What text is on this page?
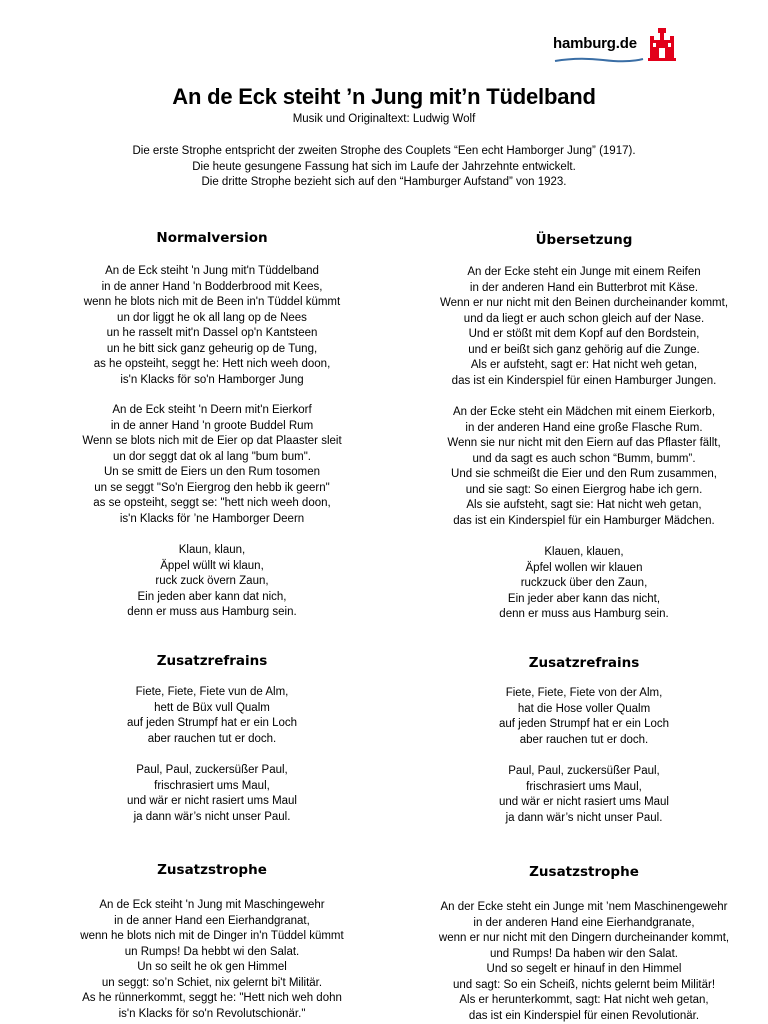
hamburg.de
An de Eck steiht ’n Jung mit’n Tüdelband
Musik und Originaltext: Ludwig Wolf
Die erste Strophe entspricht der zweiten Strophe des Couplets “Een echt Hamborger Jung” (1917).
Die heute gesungene Fassung hat sich im Laufe der Jahrzehnte entwickelt.
Die dritte Strophe bezieht sich auf den “Hamburger Aufstand” von 1923.
Normalversion
An de Eck steiht 'n Jung mit'n Tüddelband
in de anner Hand 'n Bodderbrood mit Kees,
wenn he blots nich mit de Been in'n Tüddel kümmt
un dor liggt he ok all lang op de Nees
un he rasselt mit'n Dassel op'n Kantsteen
un he bitt sick ganz geheurig op de Tung,
as he opsteiht, seggt he: Hett nich weeh doon,
is'n Klacks för so'n Hamborger Jung
An de Eck steiht 'n Deern mit'n Eierkorf
in de anner Hand 'n groote Buddel Rum
Wenn se blots nich mit de Eier op dat Plaaster sleit
un dor seggt dat ok al lang "bum bum".
Un se smitt de Eiers un den Rum tosomen
un se seggt "So'n Eiergrog den hebb ik geern"
as se opsteiht, seggt se: "hett nich weeh doon,
is'n Klacks för ’ne Hamborger Deern
Klaun, klaun,
Äppel wüllt wi klaun,
ruck zuck övern Zaun,
Ein jeden aber kann dat nich,
denn er muss aus Hamburg sein.
Zusatzrefrains
Fiete, Fiete, Fiete vun de Alm,
hett de Büx vull Qualm
auf jeden Strumpf hat er ein Loch
aber rauchen tut er doch.
Paul, Paul, zuckersüßer Paul,
frischrasiert ums Maul,
und wär er nicht rasiert ums Maul
ja dann wär’s nicht unser Paul.
Zusatzstrophe
An de Eck steiht 'n Jung mit Maschingewehr
in de anner Hand een Eierhandgranat,
wenn he blots nich mit de Dinger in'n Tüddel kümmt
un Rumps! Da hebbt wi den Salat.
Un so seilt he ok gen Himmel
un seggt: so’n Schiet, nix gelernt bi't Militär.
As he rünnerkommt, seggt he: "Hett nich weh dohn
is'n Klacks för so'n Revolutschionär."
Übersetzung
An der Ecke steht ein Junge mit einem Reifen
in der anderen Hand ein Butterbrot mit Käse.
Wenn er nur nicht mit den Beinen durcheinander kommt,
und da liegt er auch schon gleich auf der Nase.
Und er stößt mit dem Kopf auf den Bordstein,
und er beißt sich ganz gehörig auf die Zunge.
Als er aufsteht, sagt er: Hat nicht weh getan,
das ist ein Kinderspiel für einen Hamburger Jungen.
An der Ecke steht ein Mädchen mit einem Eierkorb,
in der anderen Hand eine große Flasche Rum.
Wenn sie nur nicht mit den Eiern auf das Pflaster fällt,
und da sagt es auch schon “Bumm, bumm”.
Und sie schmeißt die Eier und den Rum zusammen,
und sie sagt: So einen Eiergrog habe ich gern.
Als sie aufsteht, sagt sie: Hat nicht weh getan,
das ist ein Kinderspiel für ein Hamburger Mädchen.
Klauen, klauen,
Äpfel wollen wir klauen
ruckzuck über den Zaun,
Ein jeder aber kann das nicht,
denn er muss aus Hamburg sein.
Zusatzrefrains
Fiete, Fiete, Fiete von der Alm,
hat die Hose voller Qualm
auf jeden Strumpf hat er ein Loch
aber rauchen tut er doch.
Paul, Paul, zuckersüßer Paul,
frischrasiert ums Maul,
und wär er nicht rasiert ums Maul
ja dann wär’s nicht unser Paul.
Zusatzstrophe
An der Ecke steht ein Junge mit ’nem Maschinengewehr
in der anderen Hand eine Eierhandgranate,
wenn er nur nicht mit den Dingern durcheinander kommt,
und Rumps! Da haben wir den Salat.
Und so segelt er hinauf in den Himmel
und sagt: So ein Scheiß, nichts gelernt beim Militär!
Als er herunterkommt, sagt: Hat nicht weh getan,
das ist ein Kinderspiel für einen Revolutionär.
